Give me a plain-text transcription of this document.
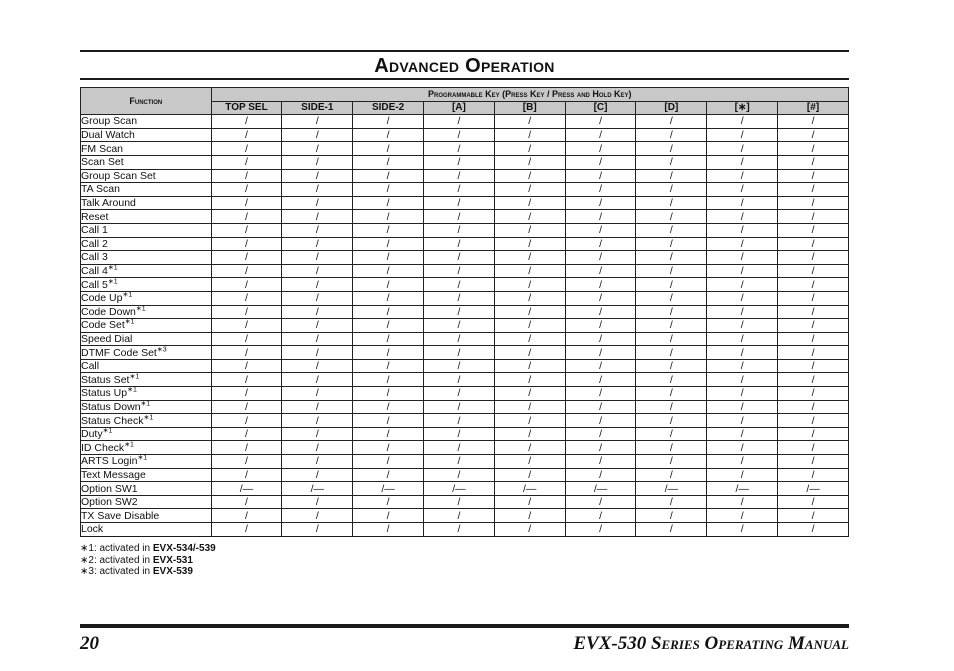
Advanced Operation
Function	Programmable Key (Press Key / Press and Hold Key)								
	TOP SEL	SIDE-1	SIDE-2	[A]	[B]	[C]	[D]	[∗]	[#]
Group Scan	/	/	/	/	/	/	/	/	/
Dual Watch	/	/	/	/	/	/	/	/	/
FM Scan	/	/	/	/	/	/	/	/	/
Scan Set	/	/	/	/	/	/	/	/	/
Group Scan Set	/	/	/	/	/	/	/	/	/
TA Scan	/	/	/	/	/	/	/	/	/
Talk Around	/	/	/	/	/	/	/	/	/
Reset	/	/	/	/	/	/	/	/	/
Call 1	/	/	/	/	/	/	/	/	/
Call 2	/	/	/	/	/	/	/	/	/
Call 3	/	/	/	/	/	/	/	/	/
Call 4$^{∗1}$	/	/	/	/	/	/	/	/	/
Call 5$^{∗1}$	/	/	/	/	/	/	/	/	/
Code Up$^{∗1}$	/	/	/	/	/	/	/	/	/
Code Down$^{∗1}$	/	/	/	/	/	/	/	/	/
Code Set$^{∗1}$	/	/	/	/	/	/	/	/	/
Speed Dial	/	/	/	/	/	/	/	/	/
DTMF Code Set$^{∗3}$	/	/	/	/	/	/	/	/	/
Call	/	/	/	/	/	/	/	/	/
Status Set$^{∗1}$	/	/	/	/	/	/	/	/	/
Status Up$^{∗1}$	/	/	/	/	/	/	/	/	/
Status Down$^{∗1}$	/	/	/	/	/	/	/	/	/
Status Check$^{∗1}$	/	/	/	/	/	/	/	/	/
Duty$^{∗1}$	/	/	/	/	/	/	/	/	/
ID Check$^{∗1}$	/	/	/	/	/	/	/	/	/
ARTS Login$^{∗1}$	/	/	/	/	/	/	/	/	/
Text Message	/	/	/	/	/	/	/	/	/
Option SW1	/—	/—	/—	/—	/—	/—	/—	/—	/—
Option SW2	/	/	/	/	/	/	/	/	/
TX Save Disable	/	/	/	/	/	/	/	/	/
Lock	/	/	/	/	/	/	/	/	/
∗1: activated in EVX-534/-539
∗2: activated in EVX-531
∗3: activated in EVX-539
20	EVX-530 Series Operating Manual
